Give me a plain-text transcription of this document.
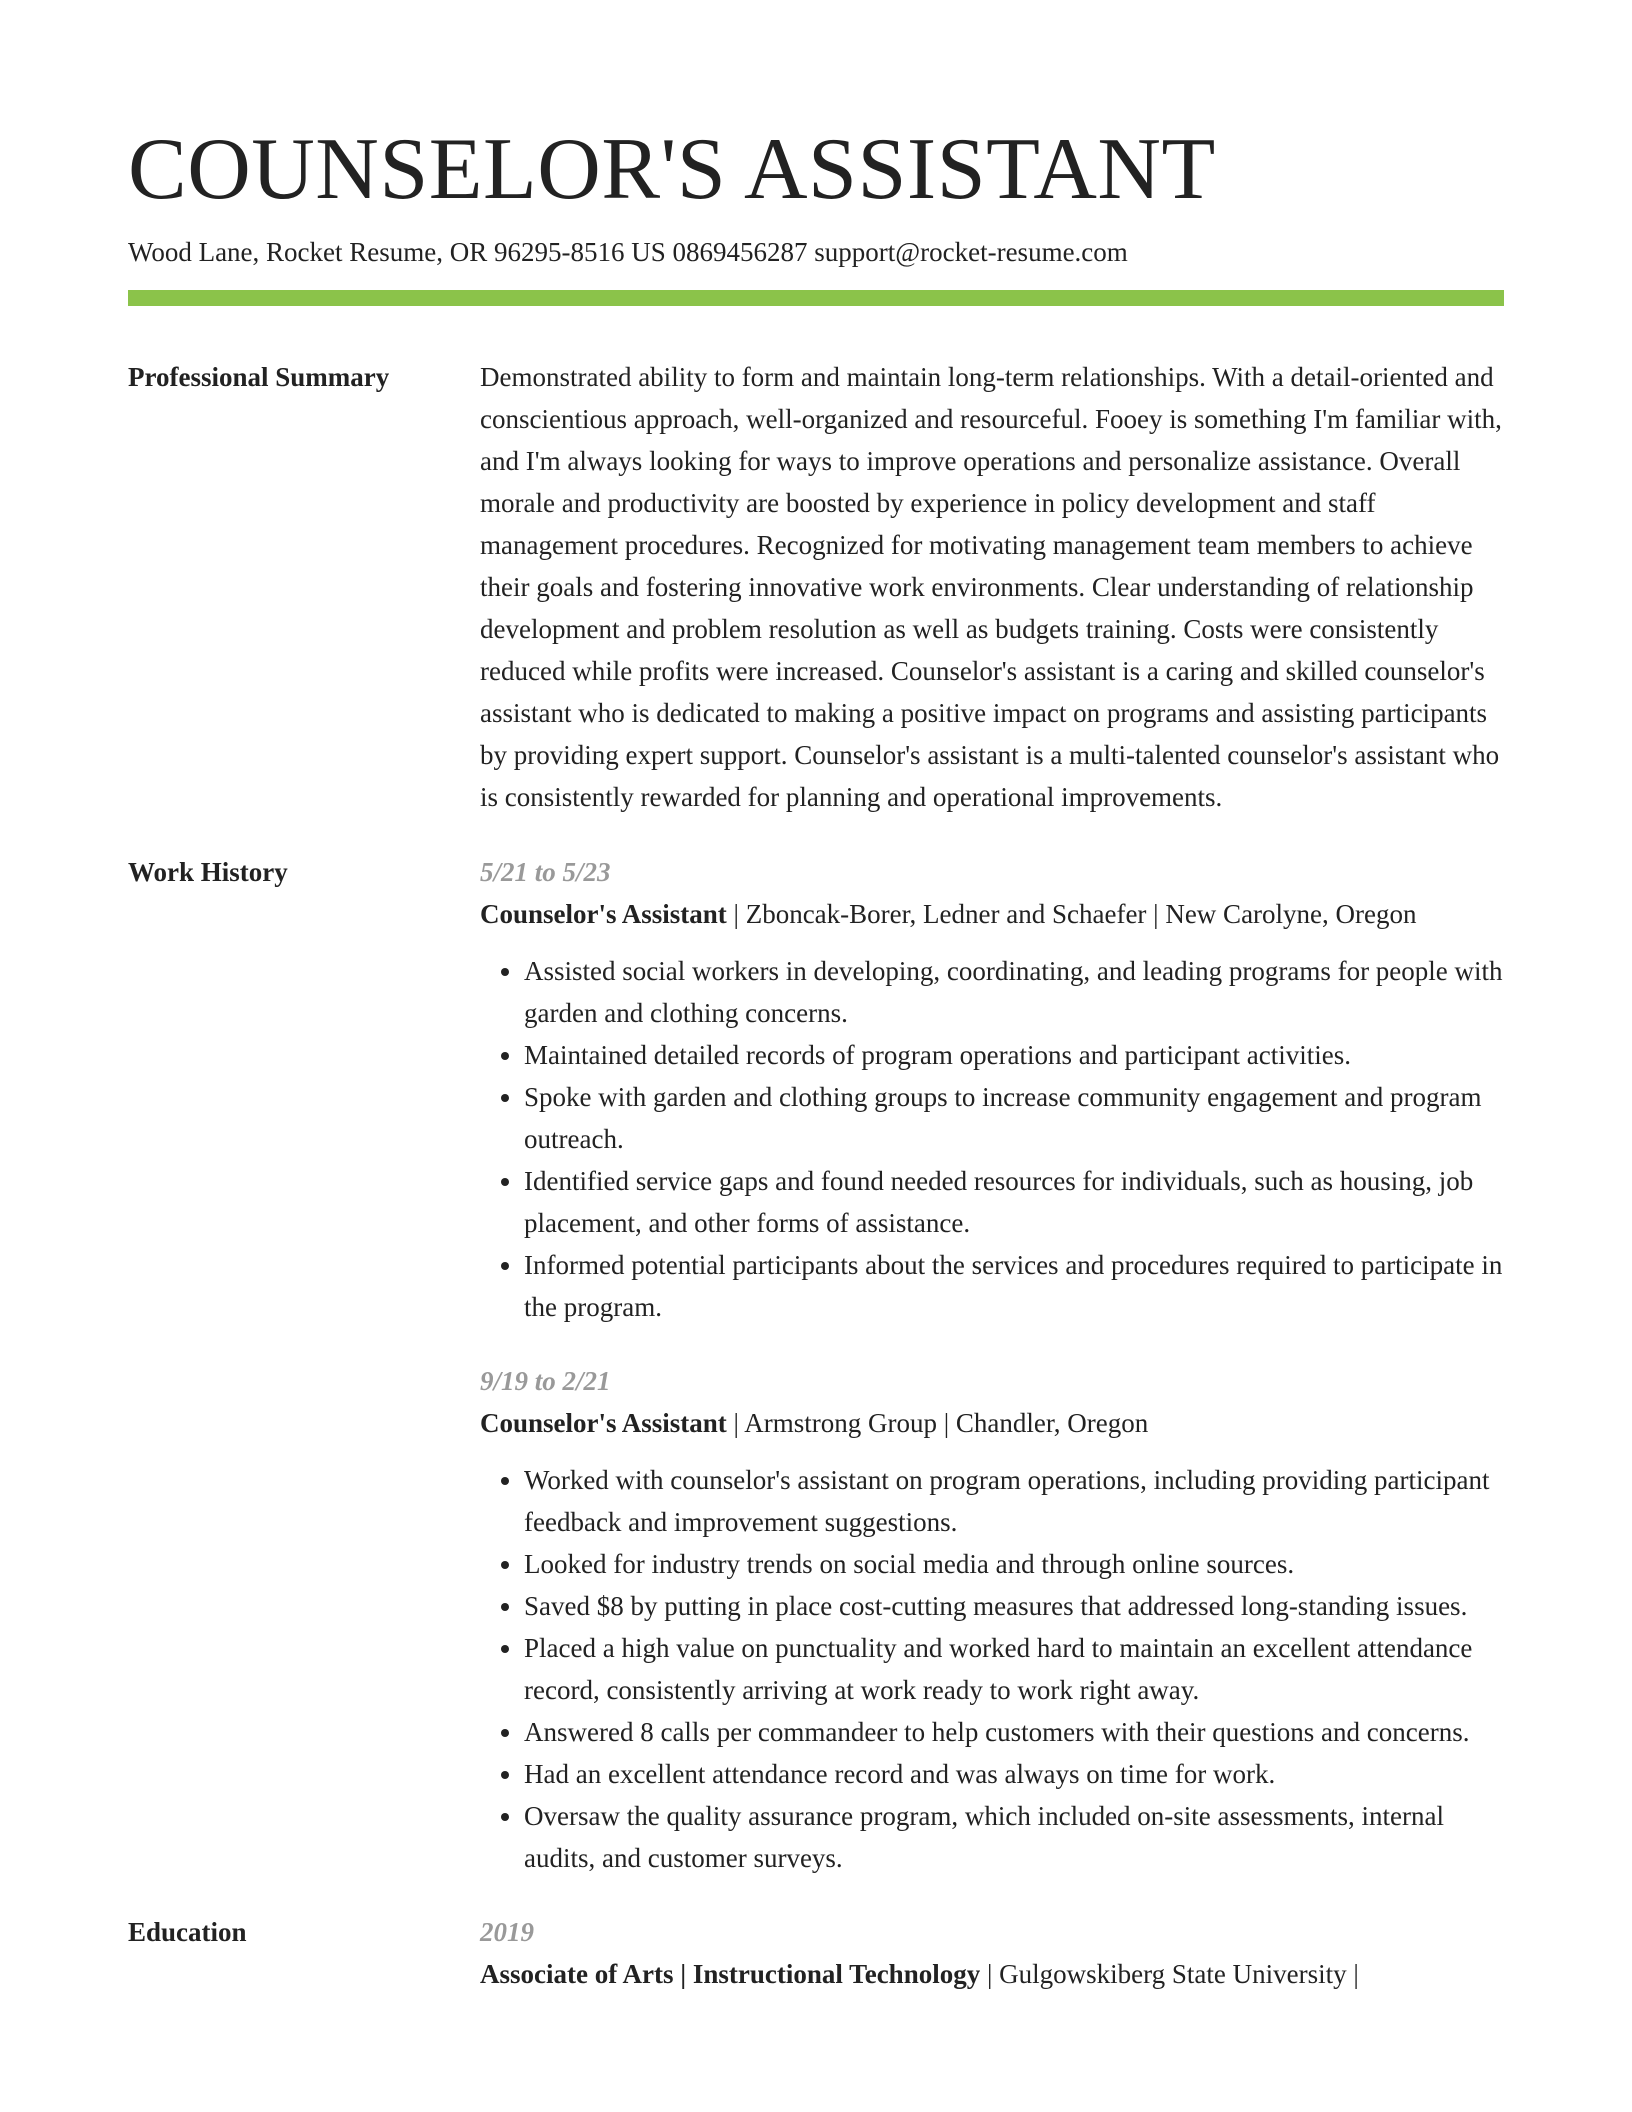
COUNSELOR'S ASSISTANT
Wood Lane, Rocket Resume, OR 96295-8516 US 0869456287 support@rocket-resume.com
Professional Summary	Demonstrated ability to form and maintain long-term relationships. With a detail-oriented and conscientious approach, well-organized and resourceful. Fooey is something I'm familiar with, and I'm always looking for ways to improve operations and personalize assistance. Overall morale and productivity are boosted by experience in policy development and staff management procedures. Recognized for motivating management team members to achieve their goals and fostering innovative work environments. Clear understanding of relationship development and problem resolution as well as budgets training. Costs were consistently reduced while profits were increased. Counselor's assistant is a caring and skilled counselor's assistant who is dedicated to making a positive impact on programs and assisting participants by providing expert support. Counselor's assistant is a multi-talented counselor's assistant who is consistently rewarded for planning and operational improvements.

Work History	5/21 to 5/23
Counselor's Assistant | Zboncak-Borer, Ledner and Schaefer | New Carolyne, Oregon
• Assisted social workers in developing, coordinating, and leading programs for people with garden and clothing concerns.
• Maintained detailed records of program operations and participant activities.
• Spoke with garden and clothing groups to increase community engagement and program outreach.
• Identified service gaps and found needed resources for individuals, such as housing, job placement, and other forms of assistance.
• Informed potential participants about the services and procedures required to participate in the program.
9/19 to 2/21
Counselor's Assistant | Armstrong Group | Chandler, Oregon
• Worked with counselor's assistant on program operations, including providing participant feedback and improvement suggestions.
• Looked for industry trends on social media and through online sources.
• Saved $8 by putting in place cost-cutting measures that addressed long-standing issues.
• Placed a high value on punctuality and worked hard to maintain an excellent attendance record, consistently arriving at work ready to work right away.
• Answered 8 calls per commandeer to help customers with their questions and concerns.
• Had an excellent attendance record and was always on time for work.
• Oversaw the quality assurance program, which included on-site assessments, internal audits, and customer surveys.
Education	2019
Associate of Arts | Instructional Technology | Gulgowskiberg State University |
